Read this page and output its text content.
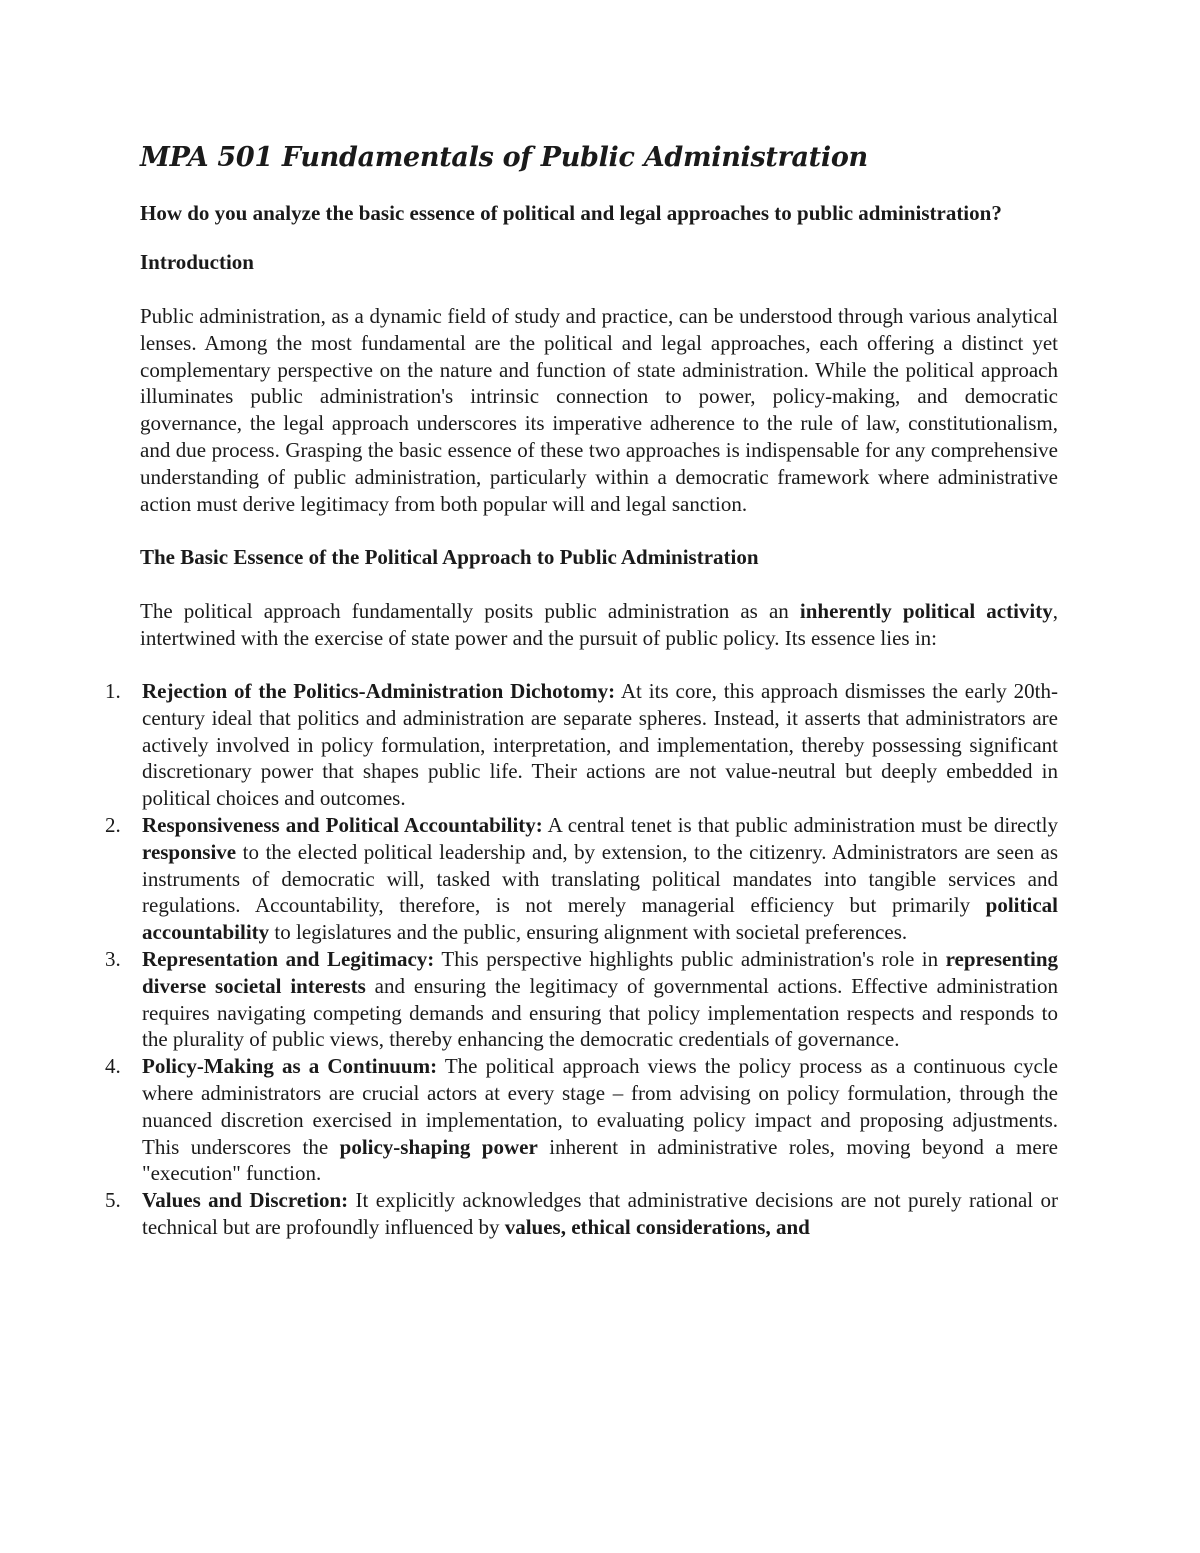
MPA 501 Fundamentals of Public Administration

How do you analyze the basic essence of political and legal approaches to public administration?

Introduction

Public administration, as a dynamic field of study and practice, can be understood through various analytical lenses. Among the most fundamental are the political and legal approaches, each offering a distinct yet complementary perspective on the nature and function of state administration. While the political approach illuminates public administration's intrinsic connection to power, policy-making, and democratic governance, the legal approach underscores its imperative adherence to the rule of law, constitutionalism, and due process. Grasping the basic essence of these two approaches is indispensable for any comprehensive understanding of public administration, particularly within a democratic framework where administrative action must derive legitimacy from both popular will and legal sanction.

The Basic Essence of the Political Approach to Public Administration

The political approach fundamentally posits public administration as an inherently political activity, intertwined with the exercise of state power and the pursuit of public policy. Its essence lies in:

1.	Rejection of the Politics-Administration Dichotomy: At its core, this approach dismisses the early 20th-century ideal that politics and administration are separate spheres. Instead, it asserts that administrators are actively involved in policy formulation, interpretation, and implementation, thereby possessing significant discretionary power that shapes public life. Their actions are not value-neutral but deeply embedded in political choices and outcomes.
2.	Responsiveness and Political Accountability: A central tenet is that public administration must be directly responsive to the elected political leadership and, by extension, to the citizenry. Administrators are seen as instruments of democratic will, tasked with translating political mandates into tangible services and regulations. Accountability, therefore, is not merely managerial efficiency but primarily political accountability to legislatures and the public, ensuring alignment with societal preferences.
3.	Representation and Legitimacy: This perspective highlights public administration's role in representing diverse societal interests and ensuring the legitimacy of governmental actions. Effective administration requires navigating competing demands and ensuring that policy implementation respects and responds to the plurality of public views, thereby enhancing the democratic credentials of governance.
4.	Policy-Making as a Continuum: The political approach views the policy process as a continuous cycle where administrators are crucial actors at every stage – from advising on policy formulation, through the nuanced discretion exercised in implementation, to evaluating policy impact and proposing adjustments. This underscores the policy-shaping power inherent in administrative roles, moving beyond a mere "execution" function.
5.	Values and Discretion: It explicitly acknowledges that administrative decisions are not purely rational or technical but are profoundly influenced by values, ethical considerations, and
